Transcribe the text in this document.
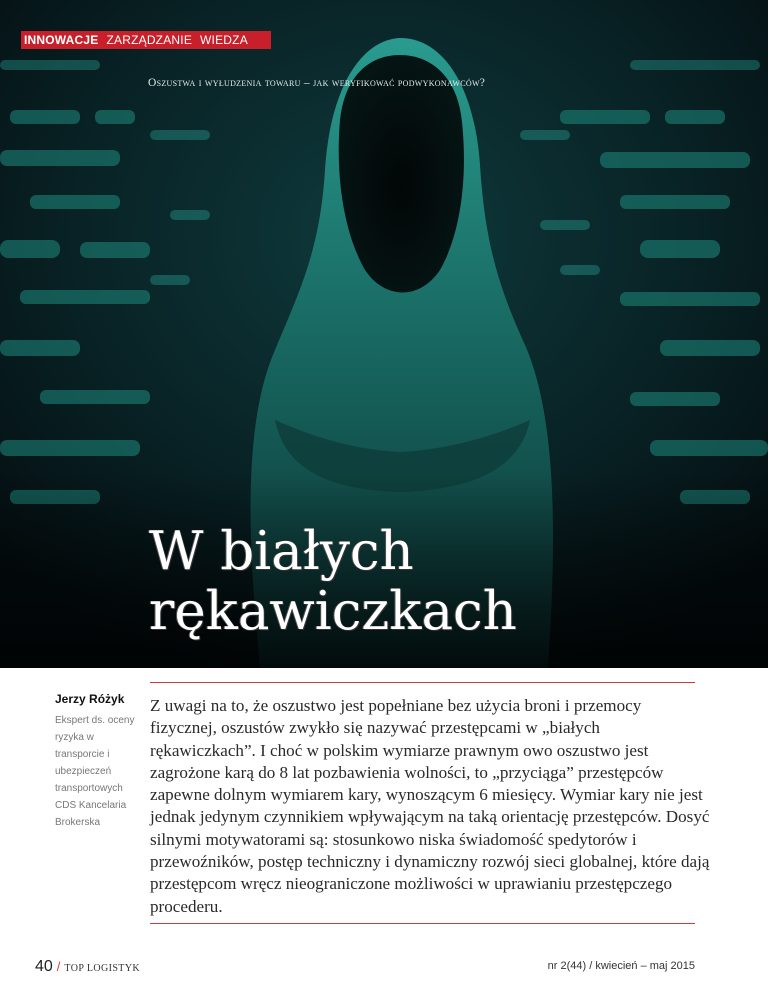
INNOWACJE ZARZĄDZANIE WIEDZA
Oszustwa i wyłudzenia towaru – jak weryfikować podwykonawców?
W białych
rękawiczkach
Jerzy Różyk
Ekspert ds. oceny ryzyka w transporcie i ubezpieczeń transportowych CDS Kancelaria Brokerska

Z uwagi na to, że oszustwo jest popełniane bez użycia broni i przemocy fizycznej, oszustów zwykło się nazywać przestępcami w „białych rękawiczkach”. I choć w polskim wymiarze prawnym owo oszustwo jest zagrożone karą do 8 lat pozbawienia wolności, to „przyciąga” przestępców zapewne dolnym wymiarem kary, wynoszącym 6 miesięcy. Wymiar kary nie jest jednak jedynym czynnikiem wpływającym na taką orientację przestępców. Dosyć silnymi motywatorami są: stosunkowo niska świadomość spedytorów i przewoźników, postęp techniczny i dynamiczny rozwój sieci globalnej, które dają przestępcom wręcz nieograniczone możliwości w uprawianiu przestępczego procederu.

40 / TOP LOGISTYK	nr 2(44) / kwiecień – maj 2015
